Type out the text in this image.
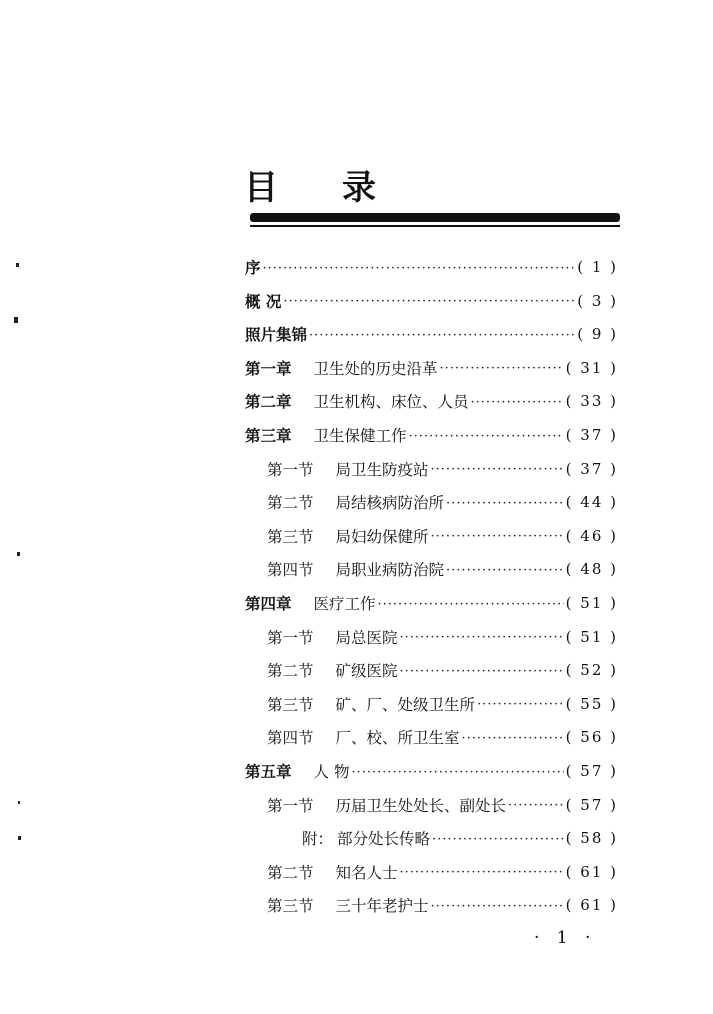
目	录
序 ·····	( 1 )
概 况 ·····	( 3 )
照片集锦 ·····	( 9 )
第一章 卫生处的历史沿革 ·····	( 31 )
第二章 卫生机构、床位、人员 ·····	( 33 )
第三章 卫生保健工作 ·····	( 37 )
第一节 局卫生防疫站 ·····	( 37 )
第二节 局结核病防治所 ·····	( 44 )
第三节 局妇幼保健所 ·····	( 46 )
第四节 局职业病防治院 ·····	( 48 )
第四章 医疗工作 ·····	( 51 )
第一节 局总医院 ·····	( 51 )
第二节 矿级医院 ·····	( 52 )
第三节 矿、厂、处级卫生所 ·····	( 55 )
第四节 厂、校、所卫生室 ·····	( 56 )
第五章 人 物 ·····	( 57 )
第一节 历届卫生处处长、副处长 ·····	( 57 )
附： 部分处长传略 ·····	( 58 )
第二节 知名人士 ·····	( 61 )
第三节 三十年老护士 ·····	( 61 )
· 1 ·
